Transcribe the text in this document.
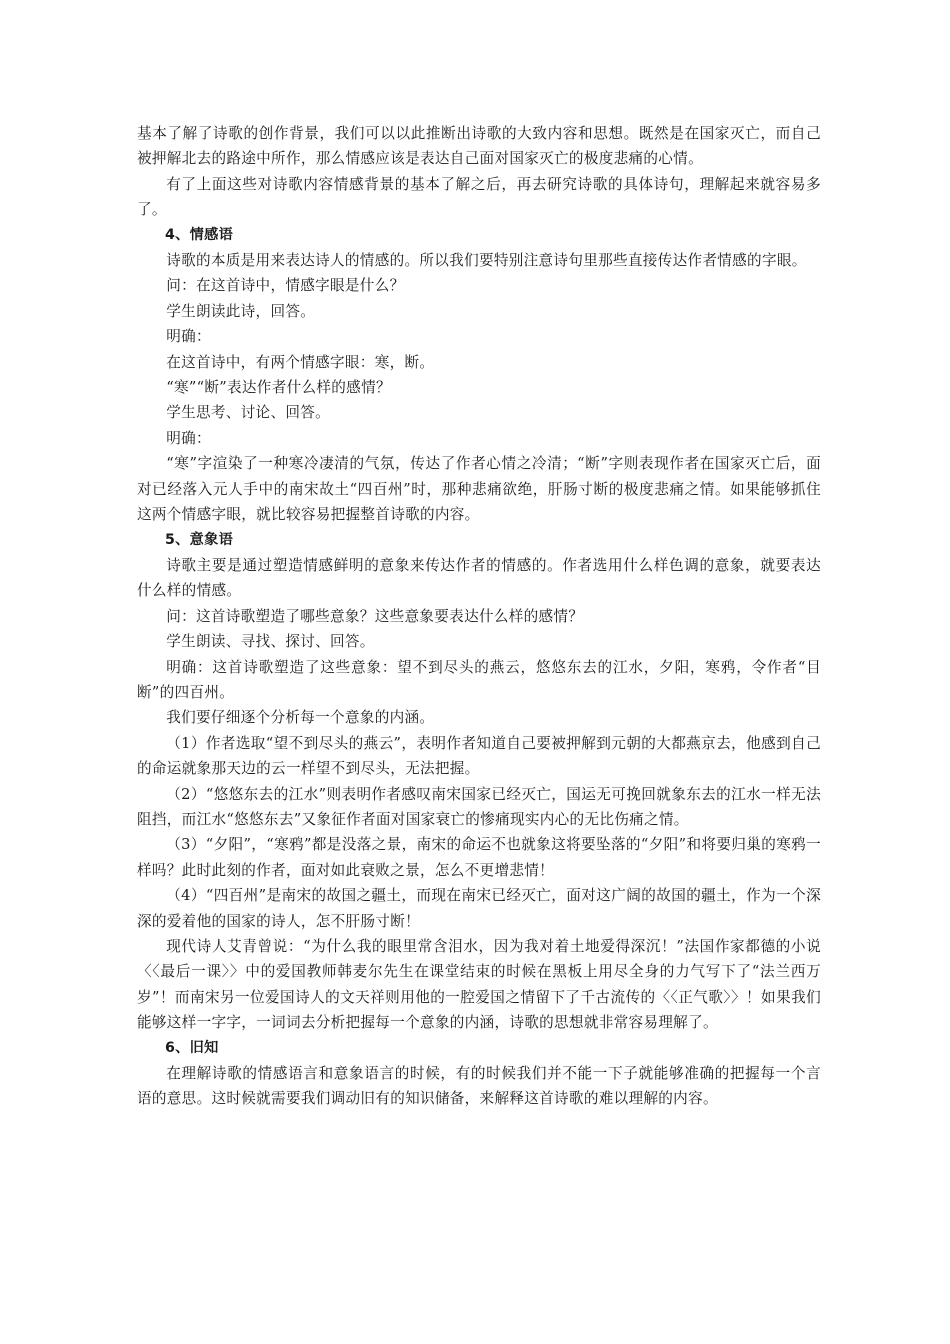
基本了解了诗歌的创作背景，我们可以以此推断出诗歌的大致内容和思想。既然是在国家灭亡，而自己被押解北去的路途中所作，那么情感应该是表达自己面对国家灭亡的极度悲痛的心情。

有了上面这些对诗歌内容情感背景的基本了解之后，再去研究诗歌的具体诗句，理解起来就容易多了。

4、情感语

诗歌的本质是用来表达诗人的情感的。所以我们要特别注意诗句里那些直接传达作者情感的字眼。

问：在这首诗中，情感字眼是什么？

学生朗读此诗，回答。

明确：

在这首诗中，有两个情感字眼：寒，断。

“寒”“断”表达作者什么样的感情？

学生思考、讨论、回答。

明确：

“寒”字渲染了一种寒冷凄清的气氛，传达了作者心情之冷清；“断”字则表现作者在国家灭亡后，面对已经落入元人手中的南宋故土“四百州”时，那种悲痛欲绝，肝肠寸断的极度悲痛之情。如果能够抓住这两个情感字眼，就比较容易把握整首诗歌的内容。

5、意象语

诗歌主要是通过塑造情感鲜明的意象来传达作者的情感的。作者选用什么样色调的意象，就要表达什么样的情感。

问：这首诗歌塑造了哪些意象？这些意象要表达什么样的感情？

学生朗读、寻找、探讨、回答。

明确：这首诗歌塑造了这些意象：望不到尽头的燕云，悠悠东去的江水，夕阳，寒鸦，令作者“目断”的四百州。

我们要仔细逐个分析每一个意象的内涵。

（1）作者选取“望不到尽头的燕云”，表明作者知道自己要被押解到元朝的大都燕京去，他感到自己的命运就象那天边的云一样望不到尽头，无法把握。

（2）“悠悠东去的江水”则表明作者感叹南宋国家已经灭亡，国运无可挽回就象东去的江水一样无法阻挡，而江水“悠悠东去”又象征作者面对国家衰亡的惨痛现实内心的无比伤痛之情。

（3）“夕阳”，“寒鸦”都是没落之景，南宋的命运不也就象这将要坠落的“夕阳”和将要归巢的寒鸦一样吗？此时此刻的作者，面对如此衰败之景，怎么不更增悲情！

（4）“四百州”是南宋的故国之疆土，而现在南宋已经灭亡，面对这广阔的故国的疆土，作为一个深深的爱着他的国家的诗人，怎不肝肠寸断！

现代诗人艾青曾说：“为什么我的眼里常含泪水，因为我对着土地爱得深沉！”法国作家都德的小说〈〈最后一课〉〉中的爱国教师韩麦尔先生在课堂结束的时候在黑板上用尽全身的力气写下了“法兰西万岁”！而南宋另一位爱国诗人的文天祥则用他的一腔爱国之情留下了千古流传的〈〈正气歌〉〉！如果我们能够这样一字字，一词词去分析把握每一个意象的内涵，诗歌的思想就非常容易理解了。

6、旧知

在理解诗歌的情感语言和意象语言的时候，有的时候我们并不能一下子就能够准确的把握每一个言语的意思。这时候就需要我们调动旧有的知识储备，来解释这首诗歌的难以理解的内容。
